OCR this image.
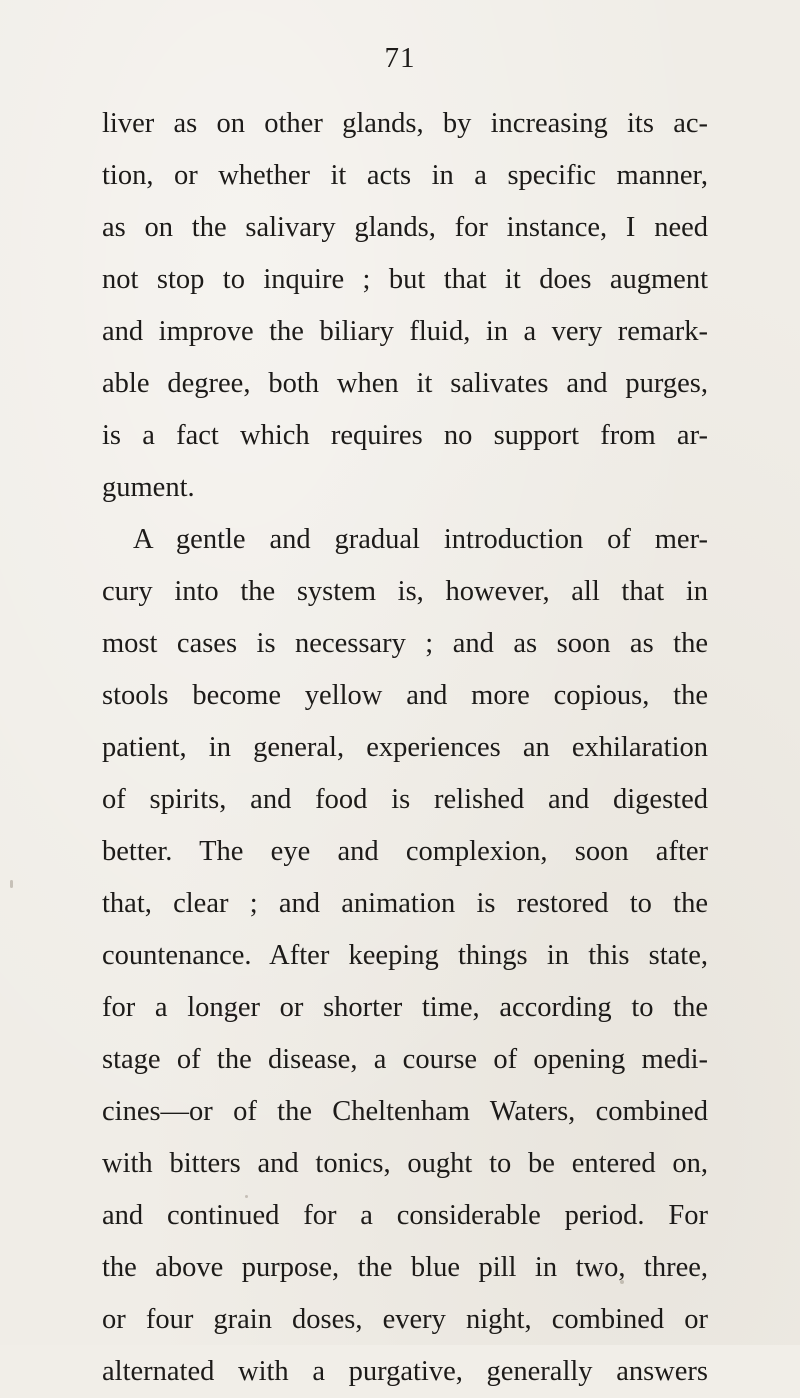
71
liver as on other glands, by increasing its ac-
tion, or whether it acts in a specific manner,
as on the salivary glands, for instance, I need
not stop to inquire ; but that it does augment
and improve the biliary fluid, in a very remark-
able degree, both when it salivates and purges,
is a fact which requires no support from ar-
gument.
A gentle and gradual introduction of mer-
cury into the system is, however, all that in
most cases is necessary ; and as soon as the
stools become yellow and more copious, the
patient, in general, experiences an exhilaration
of spirits, and food is relished and digested
better. The eye and complexion, soon after
that, clear ; and animation is restored to the
countenance. After keeping things in this state,
for a longer or shorter time, according to the
stage of the disease, a course of opening medi-
cines—or of the Cheltenham Waters, combined
with bitters and tonics, ought to be entered on,
and continued for a considerable period. For
the above purpose, the blue pill in two, three,
or four grain doses, every night, combined or
alternated with a purgative, generally answers
